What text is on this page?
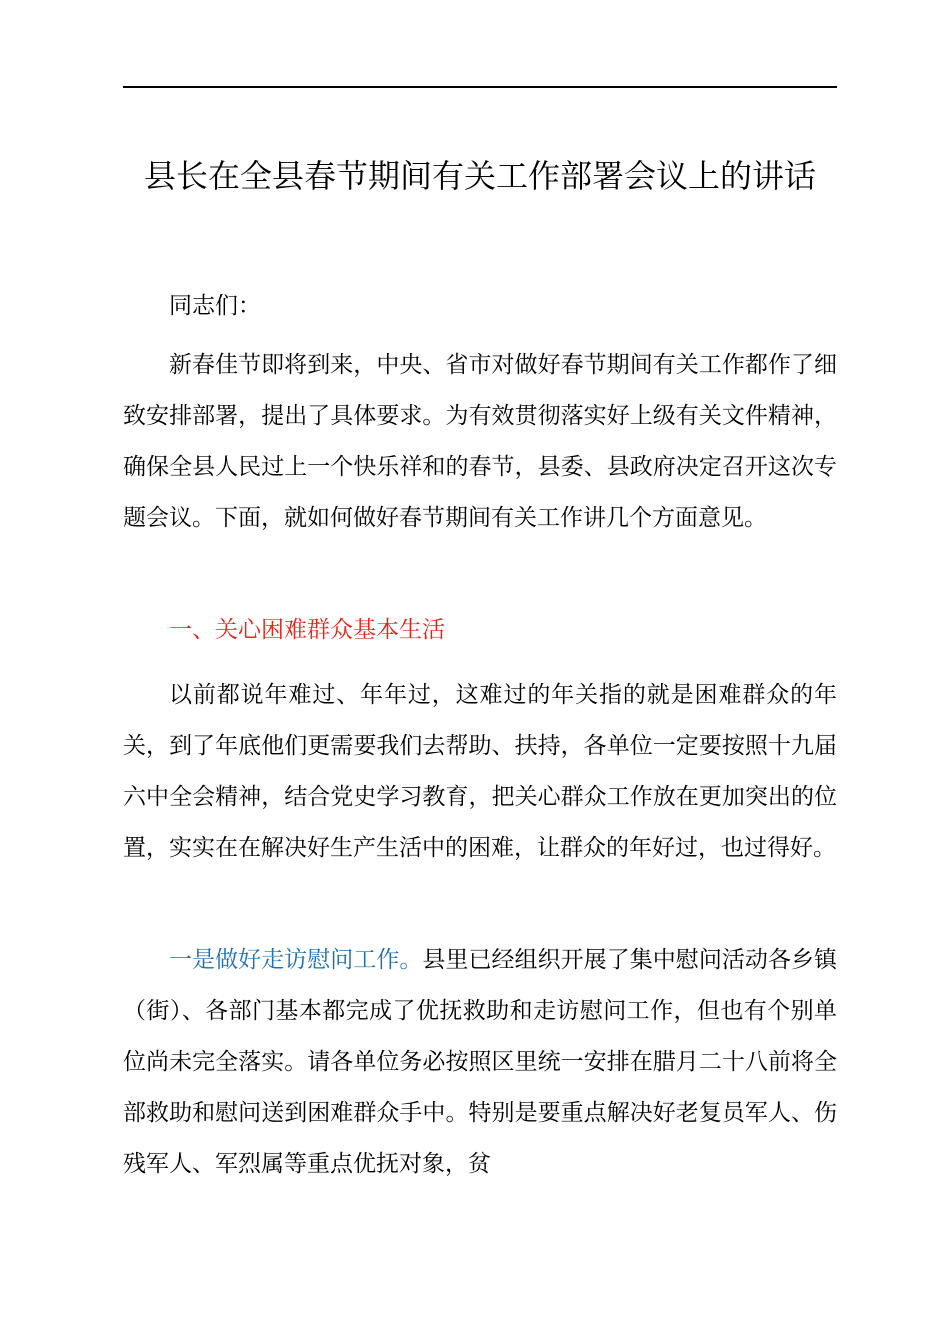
县长在全县春节期间有关工作部署会议上的讲话

同志们：

新春佳节即将到来，中央、省市对做好春节期间有关工作都作了细致安排部署，提出了具体要求。为有效贯彻落实好上级有关文件精神，确保全县人民过上一个快乐祥和的春节，县委、县政府决定召开这次专题会议。下面，就如何做好春节期间有关工作讲几个方面意见。

一、关心困难群众基本生活

以前都说年难过、年年过，这难过的年关指的就是困难群众的年关，到了年底他们更需要我们去帮助、扶持，各单位一定要按照十九届六中全会精神，结合党史学习教育，把关心群众工作放在更加突出的位置，实实在在解决好生产生活中的困难，让群众的年好过，也过得好。

一是做好走访慰问工作。县里已经组织开展了集中慰问活动各乡镇（街）、各部门基本都完成了优抚救助和走访慰问工作，但也有个别单位尚未完全落实。请各单位务必按照区里统一安排在腊月二十八前将全部救助和慰问送到困难群众手中。特别是要重点解决好老复员军人、伤残军人、军烈属等重点优抚对象，贫
